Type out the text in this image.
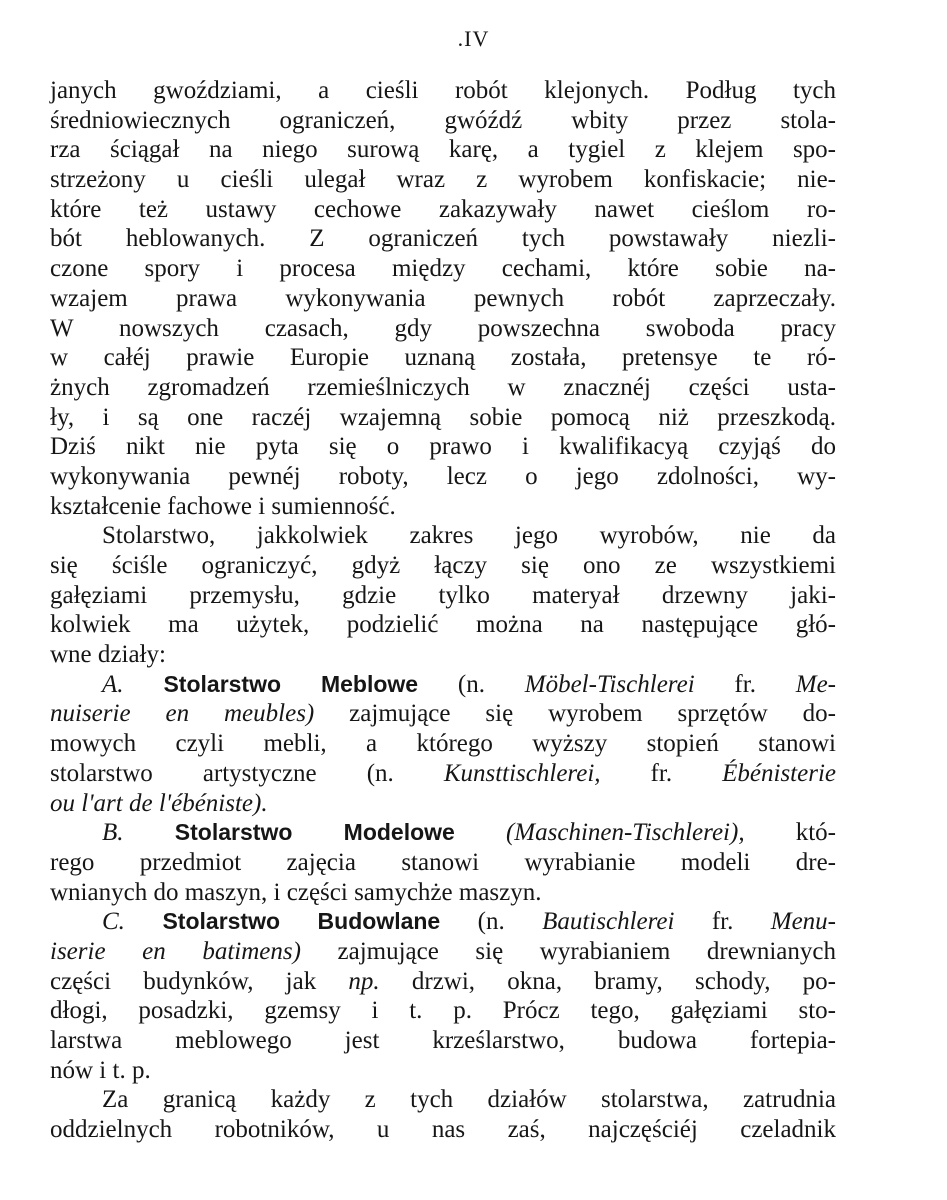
.IV
janych gwoździami, a cieśli robót klejonych. Podług tych
średniowiecznych ograniczeń, gwóźdź wbity przez stola-
rza ściągał na niego surową karę, a tygiel z klejem spo-
strzeżony u cieśli ulegał wraz z wyrobem konfiskacie; nie-
które też ustawy cechowe zakazywały nawet cieślom ro-
bót heblowanych. Z ograniczeń tych powstawały niezli-
czone spory i procesa między cechami, które sobie na-
wzajem prawa wykonywania pewnych robót zaprzeczały.
W nowszych czasach, gdy powszechna swoboda pracy
w całéj prawie Europie uznaną została, pretensye te ró-
żnych zgromadzeń rzemieślniczych w znacznéj części usta-
ły, i są one raczéj wzajemną sobie pomocą niż przeszkodą.
Dziś nikt nie pyta się o prawo i kwalifikacyą czyjąś do
wykonywania pewnéj roboty, lecz o jego zdolności, wy-
kształcenie fachowe i sumienność.
Stolarstwo, jakkolwiek zakres jego wyrobów, nie da
się ściśle ograniczyć, gdyż łączy się ono ze wszystkiemi
gałęziami przemysłu, gdzie tylko materyał drzewny jaki-
kolwiek ma użytek, podzielić można na następujące głó-
wne działy:
A. Stolarstwo Meblowe (n. Möbel-Tischlerei fr. Me-
nuiserie en meubles) zajmujące się wyrobem sprzętów do-
mowych czyli mebli, a którego wyższy stopień stanowi
stolarstwo artystyczne (n. Kunsttischlerei, fr. Ébénisterie
ou l'art de l'ébéniste).
B. Stolarstwo Modelowe (Maschinen-Tischlerei), któ-
rego przedmiot zajęcia stanowi wyrabianie modeli dre-
wnianych do maszyn, i części samychże maszyn.
C. Stolarstwo Budowlane (n. Bautischlerei fr. Menu-
iserie en batimens) zajmujące się wyrabianiem drewnianych
części budynków, jak np. drzwi, okna, bramy, schody, po-
dłogi, posadzki, gzemsy i t. p. Prócz tego, gałęziami sto-
larstwa meblowego jest krześlarstwo, budowa fortepia-
nów i t. p.
Za granicą każdy z tych działów stolarstwa, zatrudnia
oddzielnych robotników, u nas zaś, najczęściéj czeladnik
